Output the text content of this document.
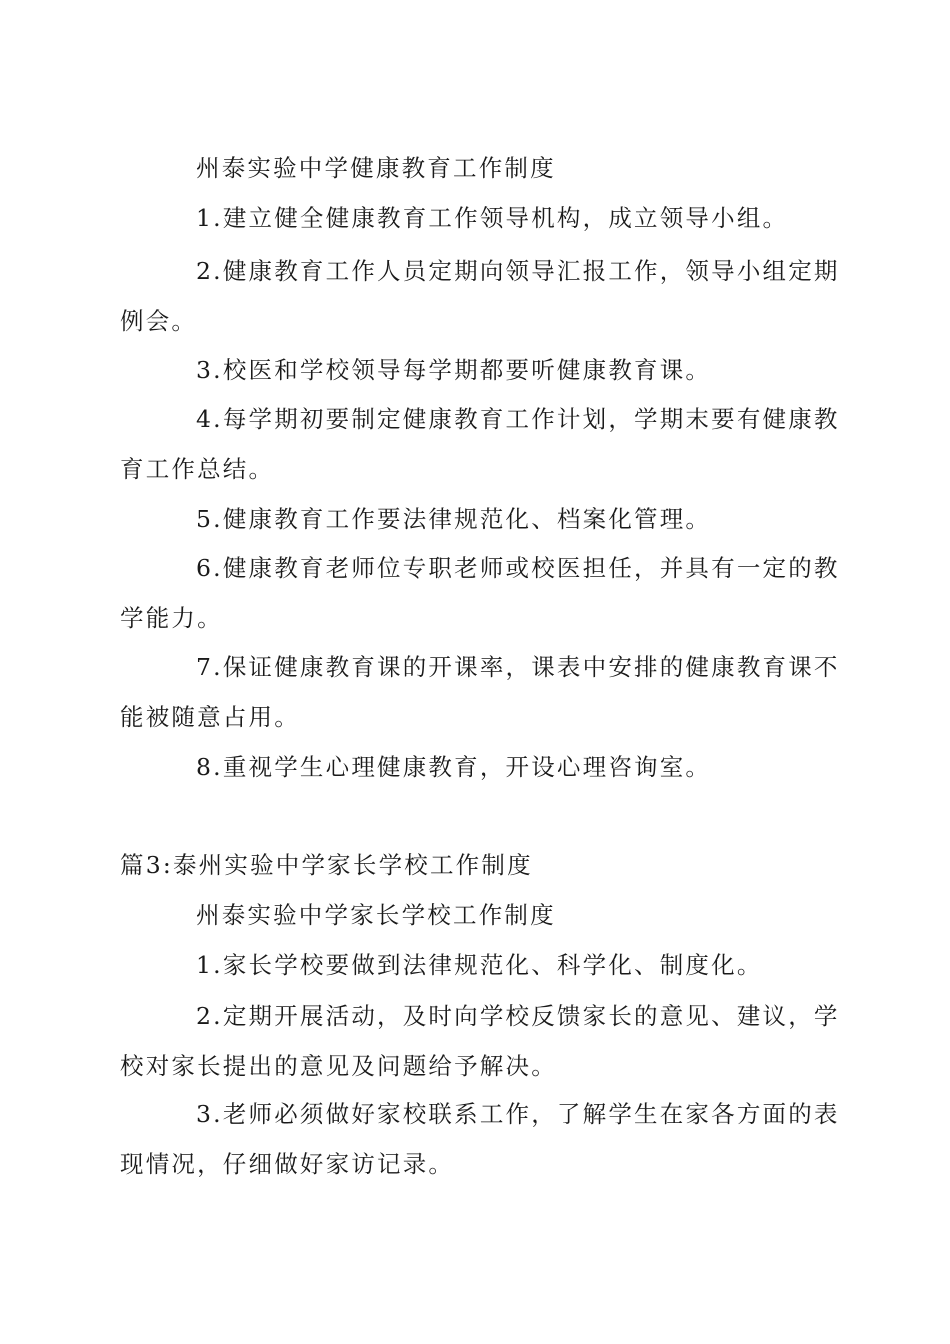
州泰实验中学健康教育工作制度
1.建立健全健康教育工作领导机构，成立领导小组。
2.健康教育工作人员定期向领导汇报工作，领导小组定期例会。
3.校医和学校领导每学期都要听健康教育课。
4.每学期初要制定健康教育工作计划，学期末要有健康教育工作总结。
5.健康教育工作要法律规范化、档案化管理。
6.健康教育老师位专职老师或校医担任，并具有一定的教学能力。
7.保证健康教育课的开课率，课表中安排的健康教育课不能被随意占用。
8.重视学生心理健康教育，开设心理咨询室。
篇3:泰州实验中学家长学校工作制度
州泰实验中学家长学校工作制度
1.家长学校要做到法律规范化、科学化、制度化。
2.定期开展活动，及时向学校反馈家长的意见、建议，学校对家长提出的意见及问题给予解决。
3.老师必须做好家校联系工作，了解学生在家各方面的表现情况，仔细做好家访记录。
